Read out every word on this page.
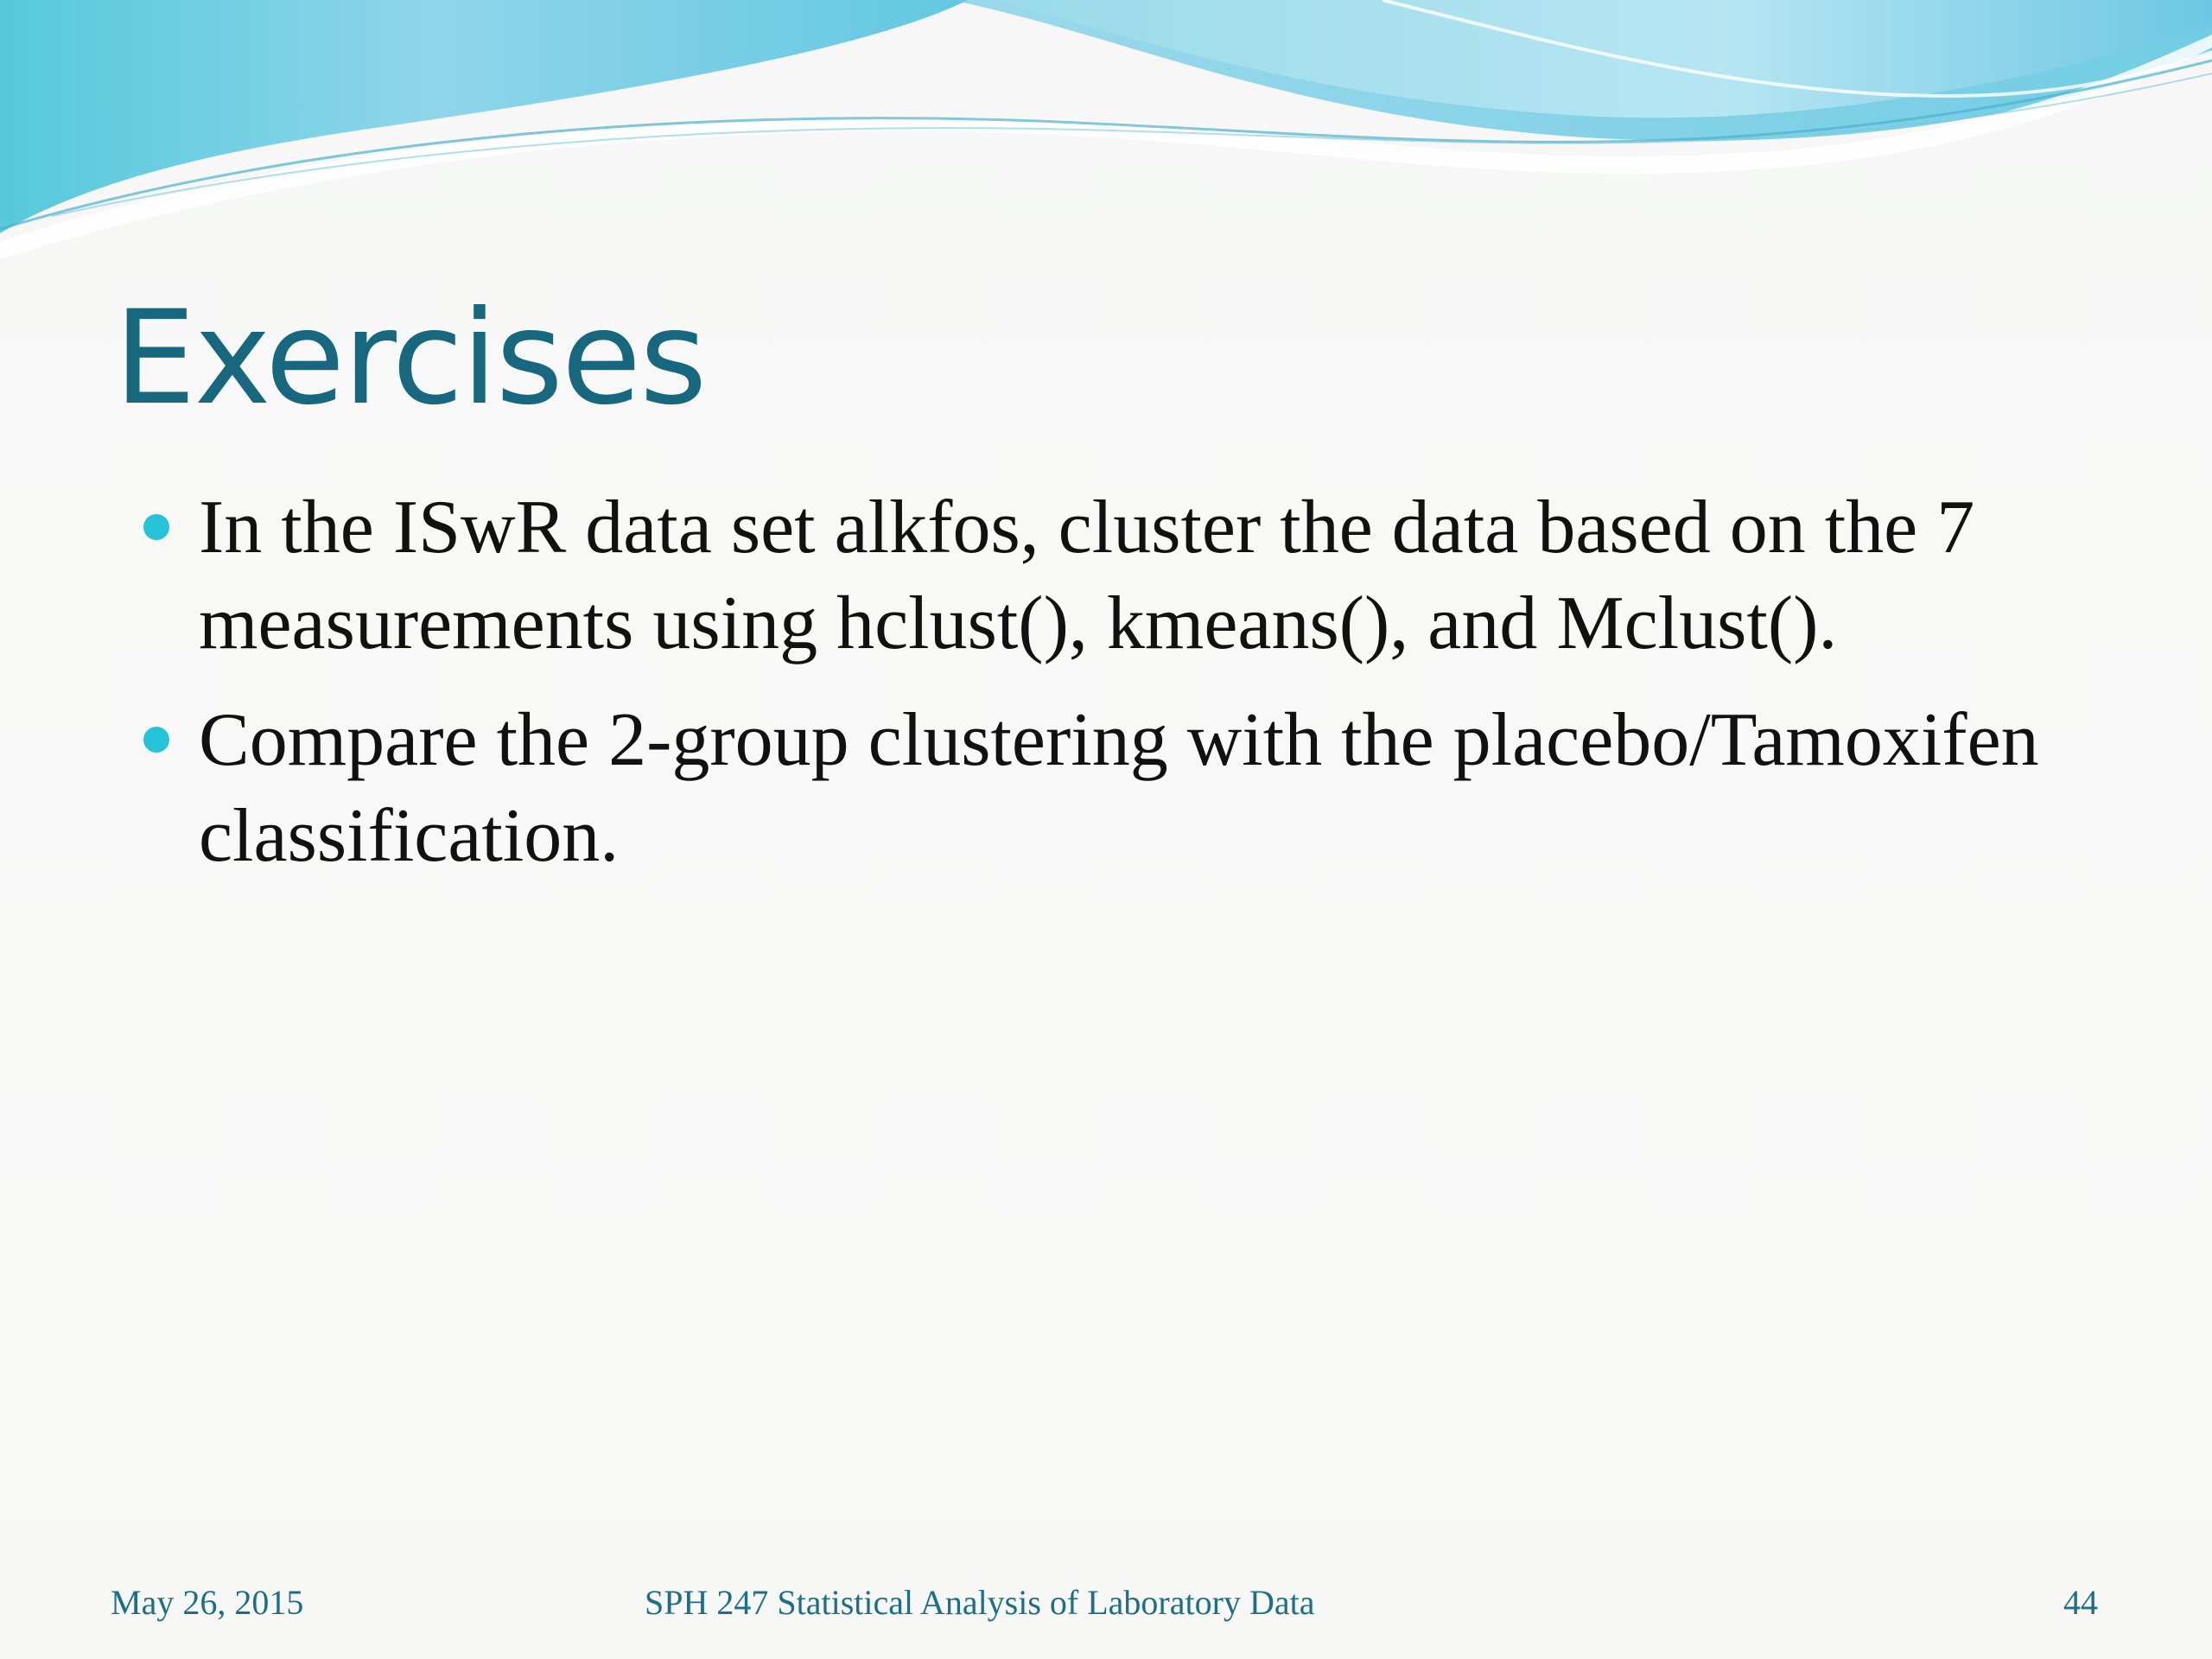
Exercises
In the ISwR data set alkfos, cluster the data based on the 7 measurements using hclust(), kmeans(), and Mclust().
Compare the 2-group clustering with the placebo/Tamoxifen classification.
May 26, 2015	SPH 247 Statistical Analysis of Laboratory Data	44
